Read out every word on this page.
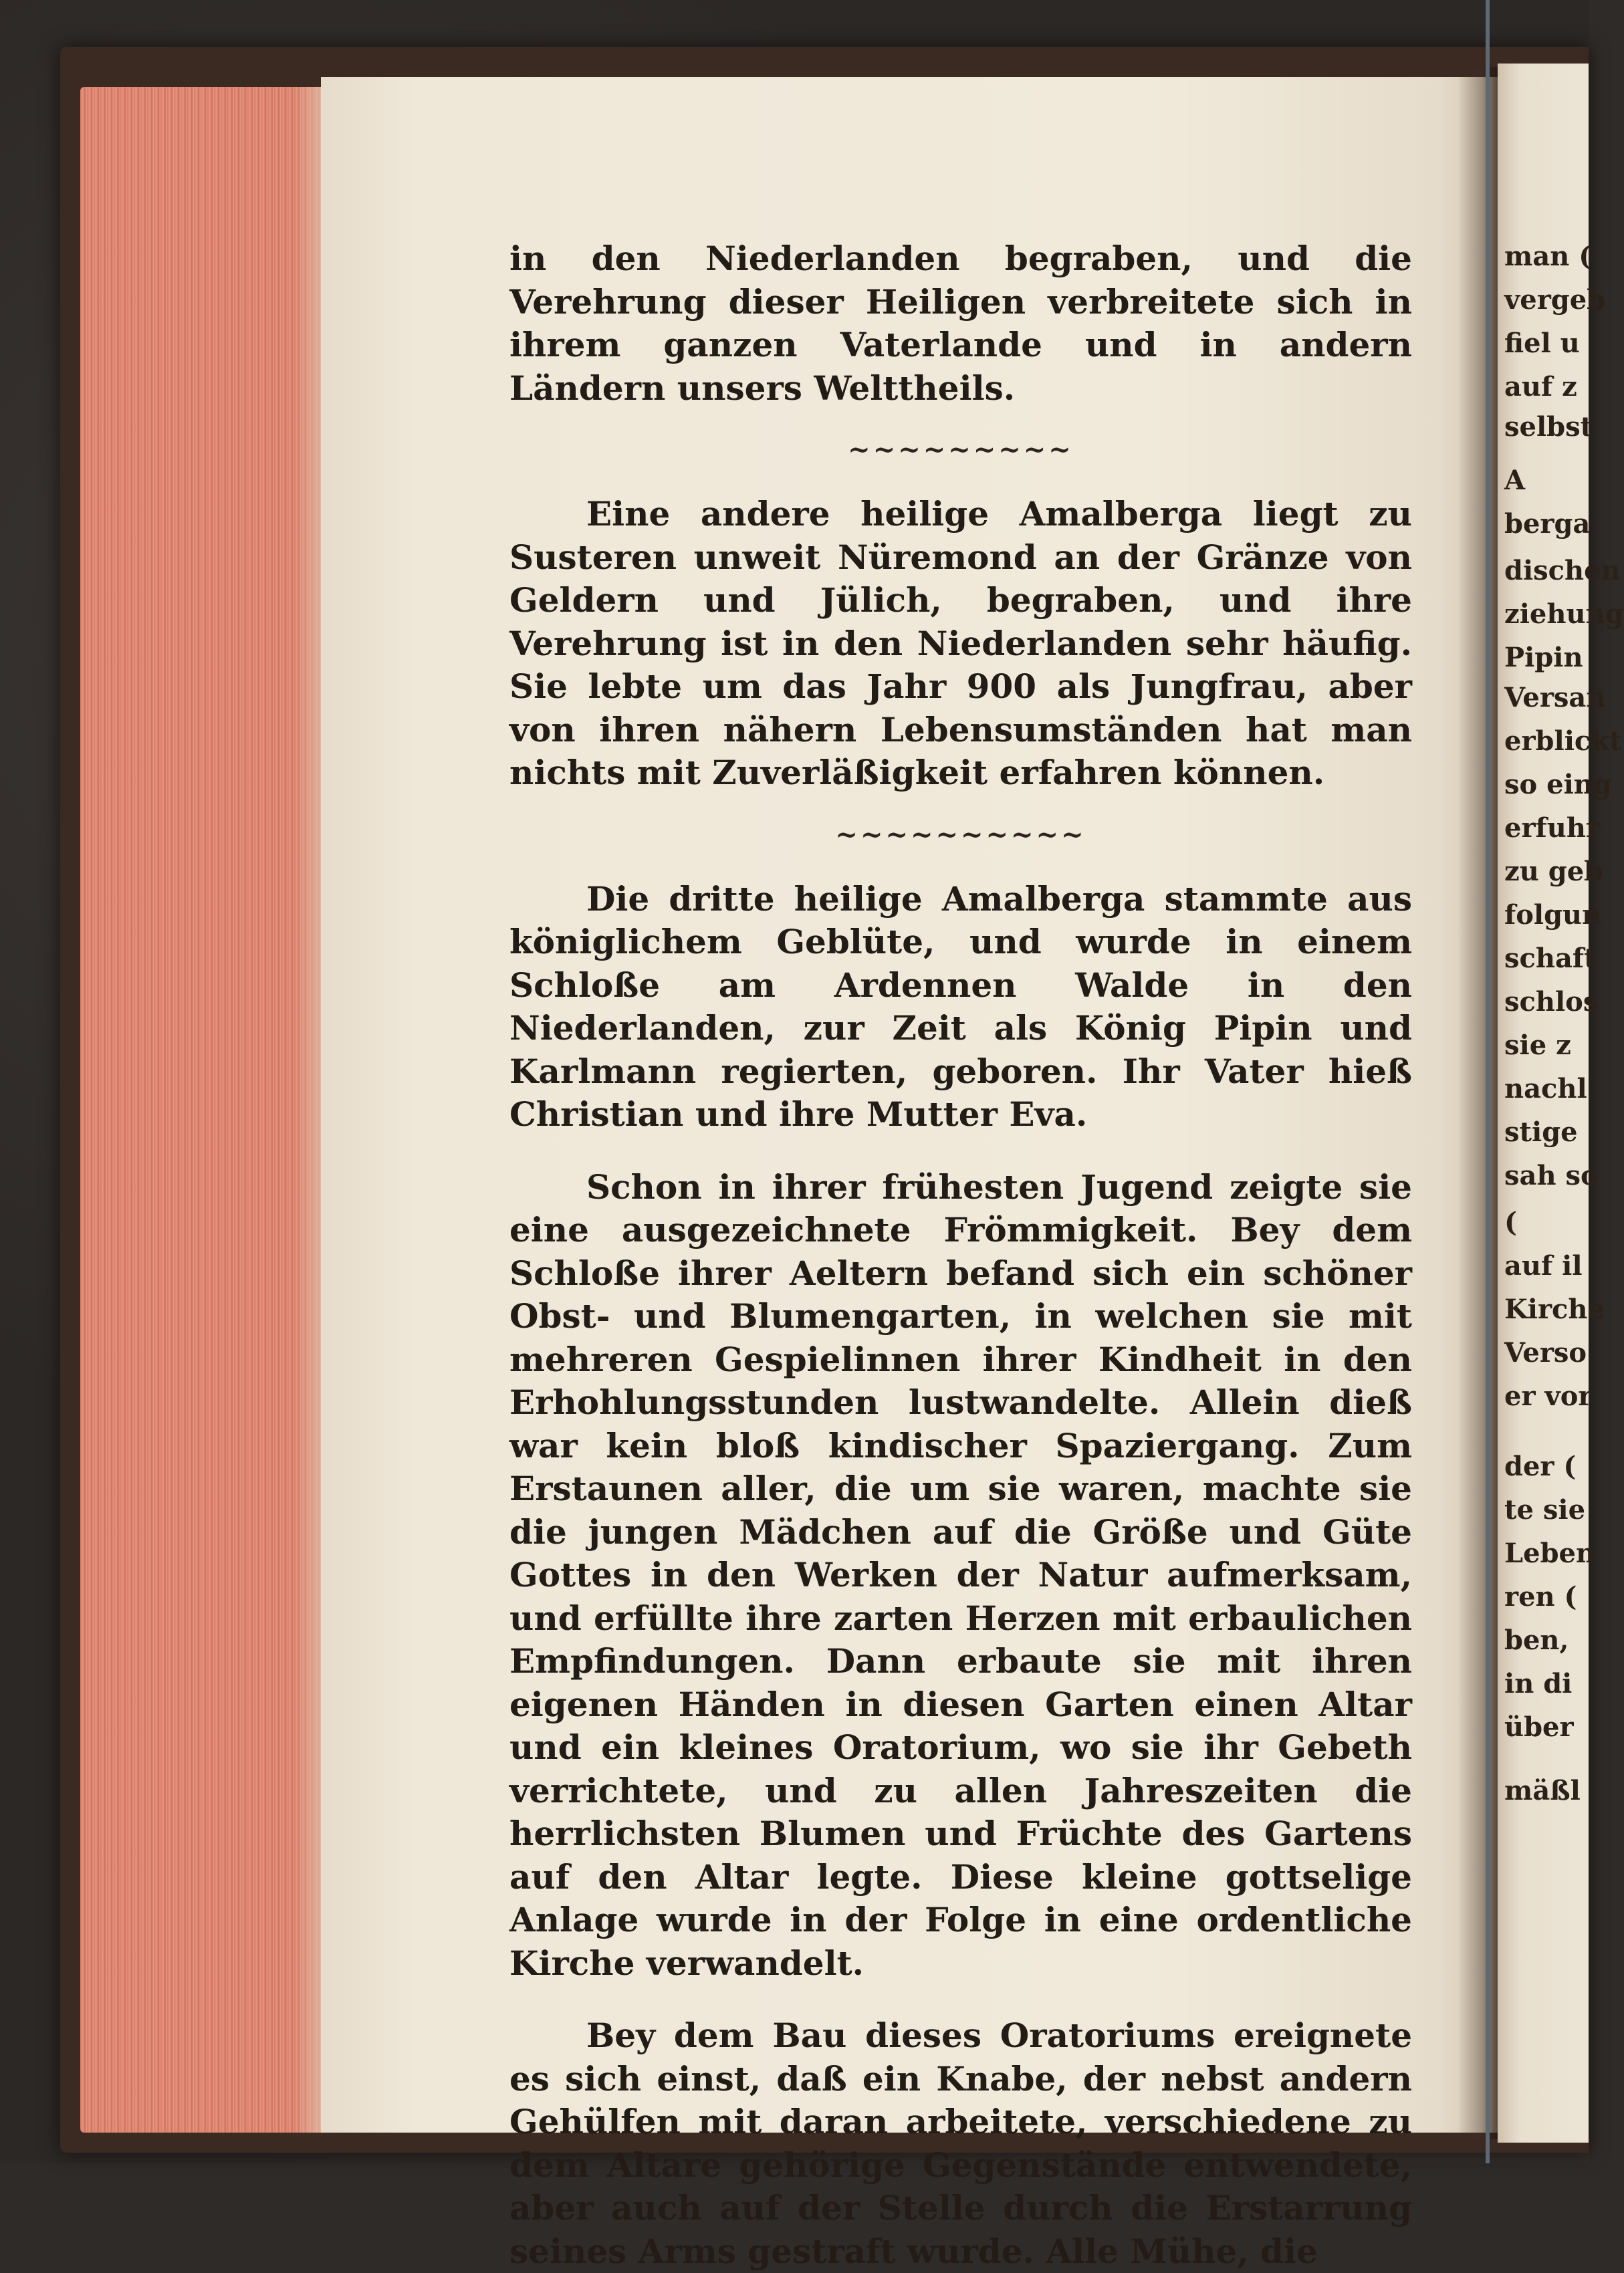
man (
vergeb
fiel u
auf z
selbst
A
berga
dischen
ziehung
Pipin
Versan
erblickt
so eing
erfuhr
zu geb
folgun
schaft
schlos
sie z
nachl
stige
sah so
(
auf il
Kirche
Verso
er vor
der (
te sie
Leben
ren (
ben,
in di
über
mäßl

in den Niederlanden begraben, und die Verehrung dieser Heiligen verbreitete sich in ihrem ganzen Vaterlande und in andern Ländern unsers Welttheils.

~~~~~~~~~

Eine andere heilige Amalberga liegt zu Susteren unweit Nüremond an der Gränze von Geldern und Jülich, begraben, und ihre Verehrung ist in den Niederlanden sehr häufig. Sie lebte um das Jahr 900 als Jungfrau, aber von ihren nähern Lebensumständen hat man nichts mit Zuverläßigkeit erfahren können.

~~~~~~~~~~

Die dritte heilige Amalberga stammte aus königlichem Geblüte, und wurde in einem Schloße am Ardennen Walde in den Niederlanden, zur Zeit als König Pipin und Karlmann regierten, geboren. Ihr Vater hieß Christian und ihre Mutter Eva.

Schon in ihrer frühesten Jugend zeigte sie eine ausgezeichnete Frömmigkeit. Bey dem Schloße ihrer Aeltern befand sich ein schöner Obst- und Blumengarten, in welchen sie mit mehreren Gespielinnen ihrer Kindheit in den Erhohlungsstunden lustwandelte. Allein dieß war kein bloß kindischer Spaziergang. Zum Erstaunen aller, die um sie waren, machte sie die jungen Mädchen auf die Größe und Güte Gottes in den Werken der Natur aufmerksam, und erfüllte ihre zarten Herzen mit erbaulichen Empfindungen. Dann erbaute sie mit ihren eigenen Händen in diesen Garten einen Altar und ein kleines Oratorium, wo sie ihr Gebeth verrichtete, und zu allen Jahreszeiten die herrlichsten Blumen und Früchte des Gartens auf den Altar legte. Diese kleine gottselige Anlage wurde in der Folge in eine ordentliche Kirche verwandelt.

Bey dem Bau dieses Oratoriums ereignete es sich einst, daß ein Knabe, der nebst andern Gehülfen mit daran arbeitete, verschiedene zu dem Altare gehörige Gegenstände entwendete, aber auch auf der Stelle durch die Erstarrung seines Arms gestraft wurde. Alle Mühe, die
